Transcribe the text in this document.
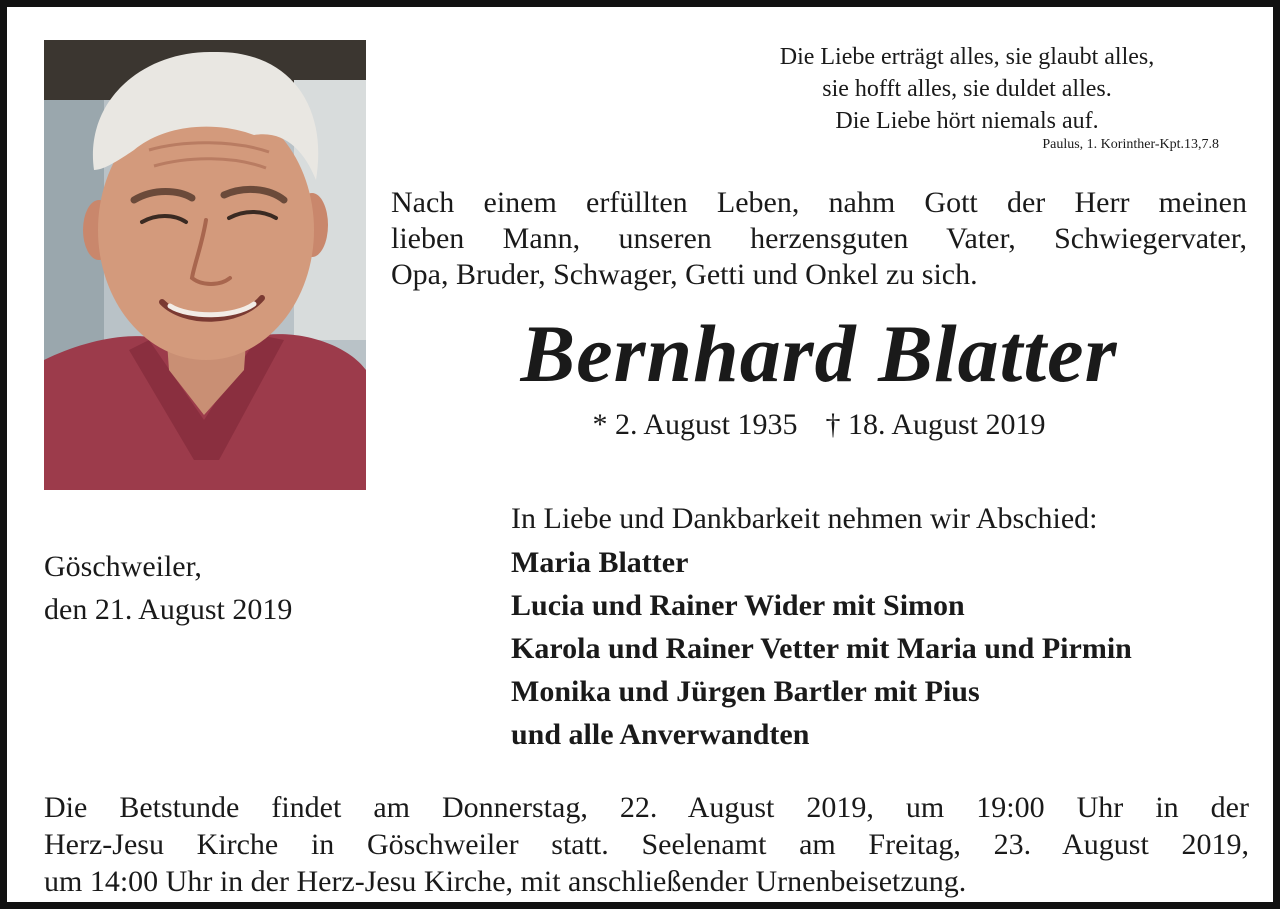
Die Liebe erträgt alles, sie glaubt alles,
sie hofft alles, sie duldet alles.
Die Liebe hört niemals auf.
Paulus, 1. Korinther-Kpt.13,7.8
Nach einem erfüllten Leben, nahm Gott der Herr meinen
lieben Mann, unseren herzensguten Vater, Schwiegervater,
Opa, Bruder, Schwager, Getti und Onkel zu sich.
Bernhard Blatter
* 2. August 1935 † 18. August 2019
Göschweiler,
den 21. August 2019
In Liebe und Dankbarkeit nehmen wir Abschied:
Maria Blatter
Lucia und Rainer Wider mit Simon
Karola und Rainer Vetter mit Maria und Pirmin
Monika und Jürgen Bartler mit Pius
und alle Anverwandten
Die Betstunde findet am Donnerstag, 22. August 2019, um 19:00 Uhr in der
Herz-Jesu Kirche in Göschweiler statt. Seelenamt am Freitag, 23. August 2019,
um 14:00 Uhr in der Herz-Jesu Kirche, mit anschließender Urnenbeisetzung.
